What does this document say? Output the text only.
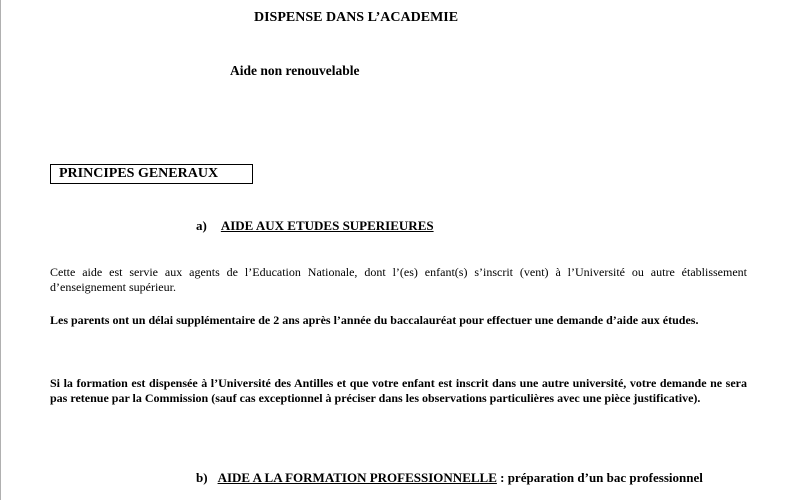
DISPENSE DANS L’ACADEMIE
Aide non renouvelable
PRINCIPES GENERAUX
a) AIDE AUX ETUDES SUPERIEURES
Cette aide est servie aux agents de l’Education Nationale, dont l’(es) enfant(s) s’inscrit (vent) à l’Université ou autre établissement d’enseignement supérieur.
Les parents ont un délai supplémentaire de 2 ans après l’année du baccalauréat pour effectuer une demande d’aide aux études.
Si la formation est dispensée à l’Université des Antilles et que votre enfant est inscrit dans une autre université, votre demande ne sera pas retenue par la Commission (sauf cas exceptionnel à préciser dans les observations particulières avec une pièce justificative).
b) AIDE A LA FORMATION PROFESSIONNELLE : préparation d’un bac professionnel
